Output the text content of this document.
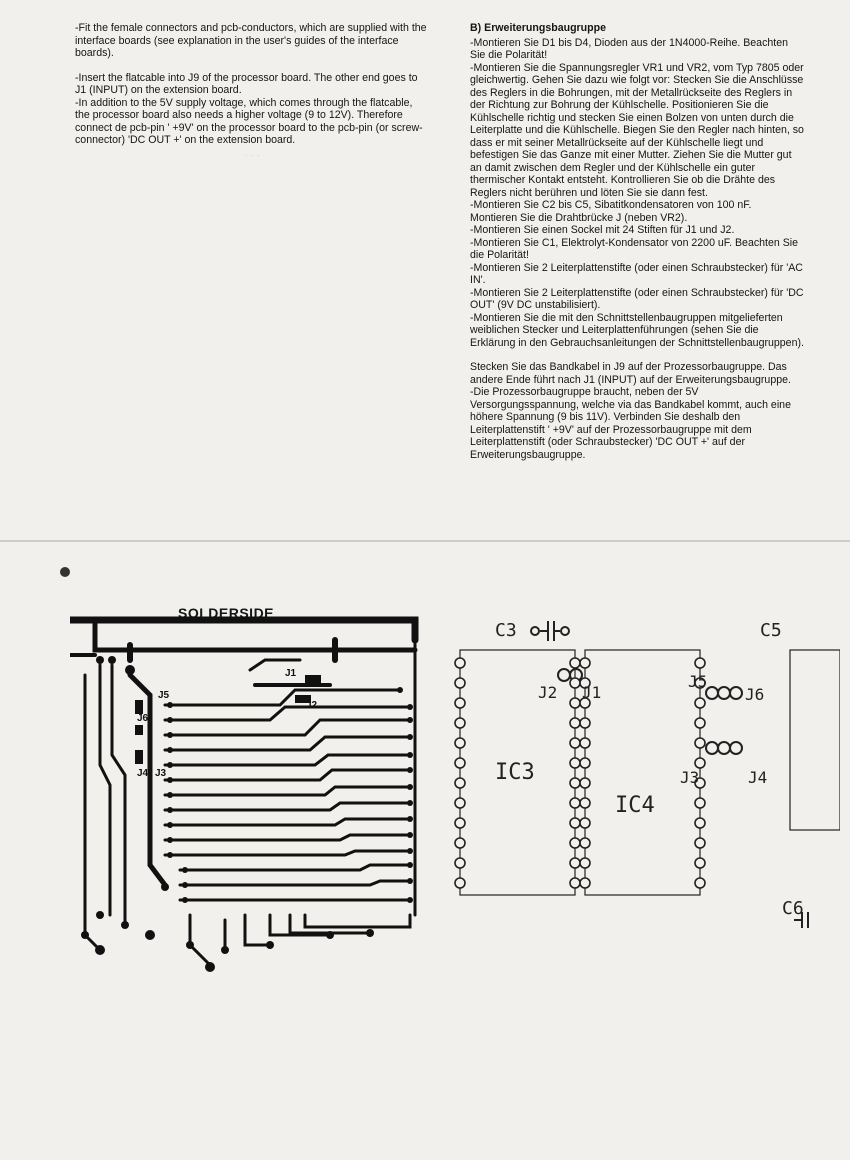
· · ·

-Fit the female connectors and pcb-conductors, which are supplied with the interface boards (see explanation in the user's guides of the interface boards).

-Insert the flatcable into J9 of the processor board. The other end goes to J1 (INPUT) on the extension board.

-In addition to the 5V supply voltage, which comes through the flatcable, the processor board also needs a higher voltage (9 to 12V). Therefore connect de pcb-pin ' +9V' on the processor board to the pcb-pin (or screw-connector) 'DC OUT +' on the extension board.

B) Erweiterungsbaugruppe
-Montieren Sie D1 bis D4, Dioden aus der 1N4000-Reihe. Beachten Sie die Polarität!
-Montieren Sie die Spannungsregler VR1 und VR2, vom Typ 7805 oder gleichwertig. Gehen Sie dazu wie folgt vor: Stecken Sie die Anschlüsse des Reglers in die Bohrungen, mit der Metallrückseite des Reglers in der Richtung zur Bohrung der Kühlschelle. Positionieren Sie die Kühlschelle richtig und stecken Sie einen Bolzen von unten durch die Leiterplatte und die Kühlschelle. Biegen Sie den Regler nach hinten, so dass er mit seiner Metallrückseite auf der Kühlschelle liegt und befestigen Sie das Ganze mit einer Mutter. Ziehen Sie die Mutter gut an damit zwischen dem Regler und der Kühlschelle ein guter thermischer Kontakt entsteht. Kontrollieren Sie ob die Drähte des Reglers nicht berühren und löten Sie sie dann fest.
-Montieren Sie C2 bis C5, Sibatitkondensatoren von 100 nF.
Montieren Sie die Drahtbrücke J (neben VR2).
-Montieren Sie einen Sockel mit 24 Stiften für J1 und J2.
-Montieren Sie C1, Elektrolyt-Kondensator von 2200 uF. Beachten Sie die Polarität!
-Montieren Sie 2 Leiterplattenstifte (oder einen Schraubstecker) für 'AC IN'.
-Montieren Sie 2 Leiterplattenstifte (oder einen Schraubstecker) für 'DC OUT' (9V DC unstabilisiert).
-Montieren Sie die mit den Schnittstellenbaugruppen mitgelieferten weiblichen Stecker und Leiterplattenführungen (sehen Sie die Erklärung in den Gebrauchsanleitungen der Schnittstellenbaugruppen).
Stecken Sie das Bandkabel in J9 auf der Prozessorbaugruppe. Das andere Ende führt nach J1 (INPUT) auf der Erweiterungsbaugruppe.
-Die Prozessorbaugruppe braucht, neben der 5V Versorgungsspannung, welche via das Bandkabel kommt, auch eine höhere Spannung (9 bis 11V). Verbinden Sie deshalb den Leiterplattenstift ' +9V' auf der Prozessorbaugruppe mit dem Leiterplattenstift (oder Schraubstecker) 'DC OUT +' auf der Erweiterungsbaugruppe.
SOLDERSIDE
J1
J2
J5
J6
J4 J3
C3	C5
J2 J1
J5
J6
J3	J4
IC3
IC4
C6
